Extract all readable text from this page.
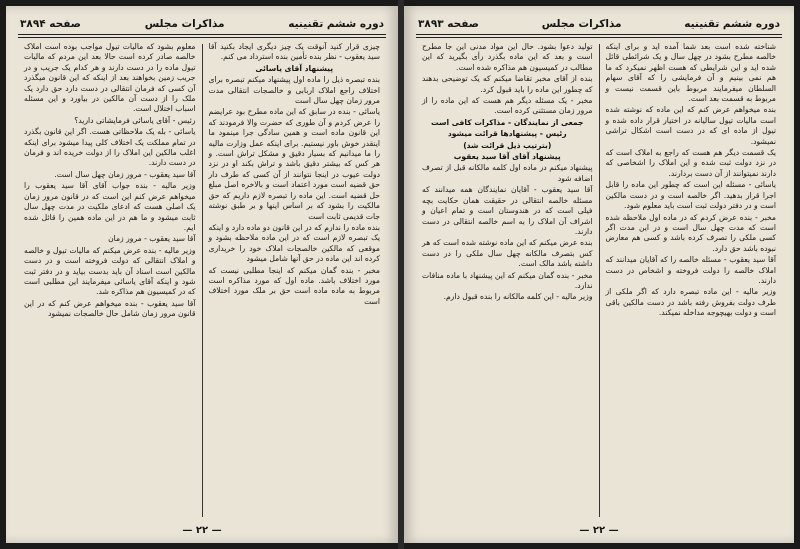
دوره ششم تقنینیه
مذاکرات مجلس
صفحه ۳۸۹۴

چیزی قرار کنید آنوقت یک چیز دیگری ایجاد بکنید آقا سید یعقوب - نظر بنده تأمین بنده استرداد می کنم.

پیشنهاد آقای یاسائی

بنده تبصره ذیل را ماده اول پیشنهاد میکنم تبصره برای اختلاف راجع املاک اربابی و خالصجات انتقالی مدت مرور زمان چهل سال است

یاسائی - بنده در سابق که این ماده مطرح بود عرایضم را عرض کردم و آن طوری که حضرت والا فرمودند که این قانون ماده است و همین سادگی جرا مینمود ما اینقدر خوش باور نیستیم. برای اینکه عمل وزارت مالیه را ما میدانیم که بسیار دقیق و مشکل تراش است. و هر کس که بیشتر دقیق باشد و تراش بکند او در نزد دولت عیوب در اینجا نتوانند از آن کسی که طرف دار حق قضیه است مورد اعتماد است و بالاخره اصل مبلغ حل قضیه است. این ماده را تبصره لازم داریم که حق مالکیت را بشود که بر اساس اینها و بر طبق نوشته جات قدیمی ثابت است

بنده ماده را ندارم که در این قانون دو ماده دارد و اینکه یک تبصره لازم است که در این ماده ملاحظه بشود و موقعی که مالکین خالصجات املاک خود را خریداری کرده اند این ماده در حق آنها شامل میشود

مخبر - بنده گمان میکنم که اینجا مطلبی نیست که مورد اختلاف باشد. ماده اول که مورد مذاکره است مربوط به ماده ماده است حق بر ملک مورد اختلاف است

معلوم بشود که مالیات تیول مواجب بوده است املاک خالصه صادر کرده است حالا بعد این مردم که مالیات تیول ماده را در دست دارند و هر کدام یک جریب و در جریب زمین بخواهند بعد از اینکه که این قانون میگذرد آن کسی که فرمان انتقالی در دست دارد حق دارد یک ملک را از دست آن مالکین در بیاورد و این مسئله اسباب اختلال است.

رئیس - آقای یاسائی فرمایشاتی دارید؟

یاسائی - بله یک ملاحظاتی هست. اگر این قانون بگذرد در تمام مملکت یک اختلاف کلی پیدا میشود برای اینکه اغلب مالکین این املاک را از دولت خریده اند و فرمان در دست دارند.

آقا سید یعقوب - مرور زمان چهل سال است.

وزیر مالیه - بنده جواب آقای آقا سید یعقوب را میخواهم عرض کنم این است که در قانون مرور زمان یک اصلی هست که ادعای ملکیت در مدت چهل سال ثابت میشود و ما هم در این ماده همین را قائل شده ایم.

آقا سید یعقوب - مرور زمان

وزیر مالیه - بنده عرض میکنم که مالیات تیول و خالصه و املاک انتقالی که دولت فروخته است و در دست مالکین است اسناد آن باید بدست بیاید و در دفتر ثبت شود و اینکه آقای یاسائی میفرمایند این مطلبی است که در کمیسیون هم مذاکره شد.

آقا سید یعقوب - بنده میخواهم عرض کنم که در این قانون مرور زمان شامل حال خالصجات نمیشود

— ۲۲ —
دوره ششم تقنینیه
مذاکرات مجلس
صفحه ۳۸۹۳

شناخته شده است بعد شما آمده اید و برای اینکه خالصه مطرح بشود در چهل سال و یک شرائطی قائل شده اید و این شرایطی که هست اظهر نمیکرد که ما هم نمی بینیم و آن فرمایشی را که آقای سهام السلطان میفرمایند مربوط باین قسمت نیست و مربوط به قسمت بعد است.

بنده میخواهم عرض کنم که این ماده که نوشته شده است مالیات تیول سالیانه در اختیار قرار داده شده و تیول از ماده ای که در دست است اشکال تراشی نمیشود.

یک قسمت دیگر هم هست که راجع به املاک است که در نزد دولت ثبت شده و این املاک را اشخاصی که دارند نمیتوانند از آن دست بردارند.

یاسائی - مسئله این است که چطور این ماده را قابل اجرا قرار بدهید. اگر خالصه است و در دست مالکین است و در دفتر دولت ثبت است باید معلوم شود.

مخبر - بنده عرض کردم که در ماده اول ملاحظه شده است که مدت چهل سال است و در این مدت اگر کسی ملکی را تصرف کرده باشد و کسی هم معارض نبوده باشد حق دارد.

آقا سید یعقوب - مسئله خالصه را که آقایان میدانند که املاک خالصه را دولت فروخته و اشخاص در دست دارند.

وزیر مالیه - این ماده تبصره دارد که اگر ملکی از طرف دولت بفروش رفته باشد در دست مالکین باقی است و دولت بهیچوجه مداخله نمیکند.

تولید دعوا بشود. حال این مواد مدنی این جا مطرح است و بعد که این ماده بگذرد رأی بگیرید که این مطالب در کمیسیون هم مذاکره شده است.

بنده از آقای مخبر تقاضا میکنم که یک توضیحی بدهند که چطور این ماده را باید قبول کرد.

مخبر - یک مسئله دیگر هم هست که این ماده را از مرور زمان مستثنی کرده است.

جمعی از نمایندگان - مذاکرات کافی است

رئیس - پیشنهادها قرائت میشود

(بترتیب ذیل قرائت شد)

پیشنهاد آقای آقا سید یعقوب

پیشنهاد میکنم در ماده اول کلمه مالکانه قبل از تصرف اضافه شود

آقا سید یعقوب - آقایان نمایندگان همه میدانند که مسئله خالصه انتقالی در حقیقت همان حکایت بچه فیلی است که در هندوستان است و تمام اعیان و اشراف آن املاک را به اسم خالصه انتقالی در دست دارند.

بنده عرض میکنم که این ماده نوشته شده است که هر کس بتصرف مالکانه چهل سال ملکی را در دست داشته باشد مالک است.

مخبر - بنده گمان میکنم که این پیشنهاد با ماده منافات ندارد.

وزیر مالیه - این کلمه مالکانه را بنده قبول دارم.

— ۲۲ —
